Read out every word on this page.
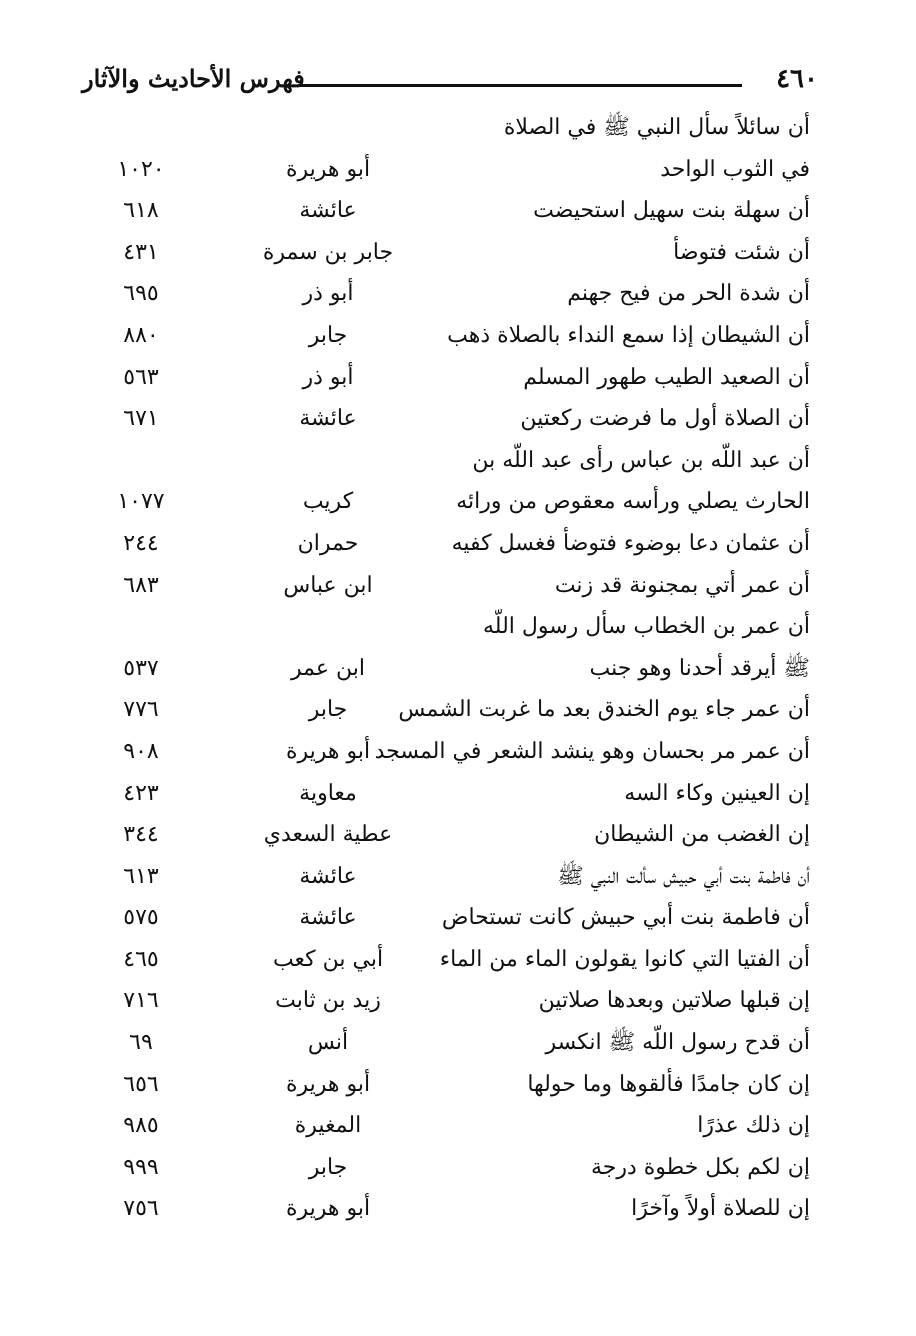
٤٦٠
فهرس الأحاديث والآثار
أن سائلاً سأل النبي ﷺ في الصلاة
في الثوب الواحد
أبو هريرة
١٠٢٠
أن سهلة بنت سهيل استحيضت
عائشة
٦١٨
أن شئت فتوضأ
جابر بن سمرة
٤٣١
أن شدة الحر من فيح جهنم
أبو ذر
٦٩٥
أن الشيطان إذا سمع النداء بالصلاة ذهب
جابر
٨٨٠
أن الصعيد الطيب طهور المسلم
أبو ذر
٥٦٣
أن الصلاة أول ما فرضت ركعتين
عائشة
٦٧١
أن عبد اللّه بن عباس رأى عبد اللّه بن
الحارث يصلي ورأسه معقوص من ورائه
كريب
١٠٧٧
أن عثمان دعا بوضوء فتوضأ فغسل كفيه
حمران
٢٤٤
أن عمر أتي بمجنونة قد زنت
ابن عباس
٦٨٣
أن عمر بن الخطاب سأل رسول اللّه
ﷺ أيرقد أحدنا وهو جنب
ابن عمر
٥٣٧
أن عمر جاء يوم الخندق بعد ما غربت الشمس
جابر
٧٧٦
أن عمر مر بحسان وهو ينشد الشعر في المسجد
أبو هريرة
٩٠٨
إن العينين وكاء السه
معاوية
٤٢٣
إن الغضب من الشيطان
عطية السعدي
٣٤٤
أن فاطمة بنت أبي حبيش سألت النبي ﷺ
عائشة
٦١٣
أن فاطمة بنت أبي حبيش كانت تستحاض
عائشة
٥٧٥
أن الفتيا التي كانوا يقولون الماء من الماء
أبي بن كعب
٤٦٥
إن قبلها صلاتين وبعدها صلاتين
زيد بن ثابت
٧١٦
أن قدح رسول اللّه ﷺ انكسر
أنس
٦٩
إن كان جامدًا فألقوها وما حولها
أبو هريرة
٦٥٦
إن ذلك عذرًا
المغيرة
٩٨٥
إن لكم بكل خطوة درجة
جابر
٩٩٩
إن للصلاة أولاً وآخرًا
أبو هريرة
٧٥٦
